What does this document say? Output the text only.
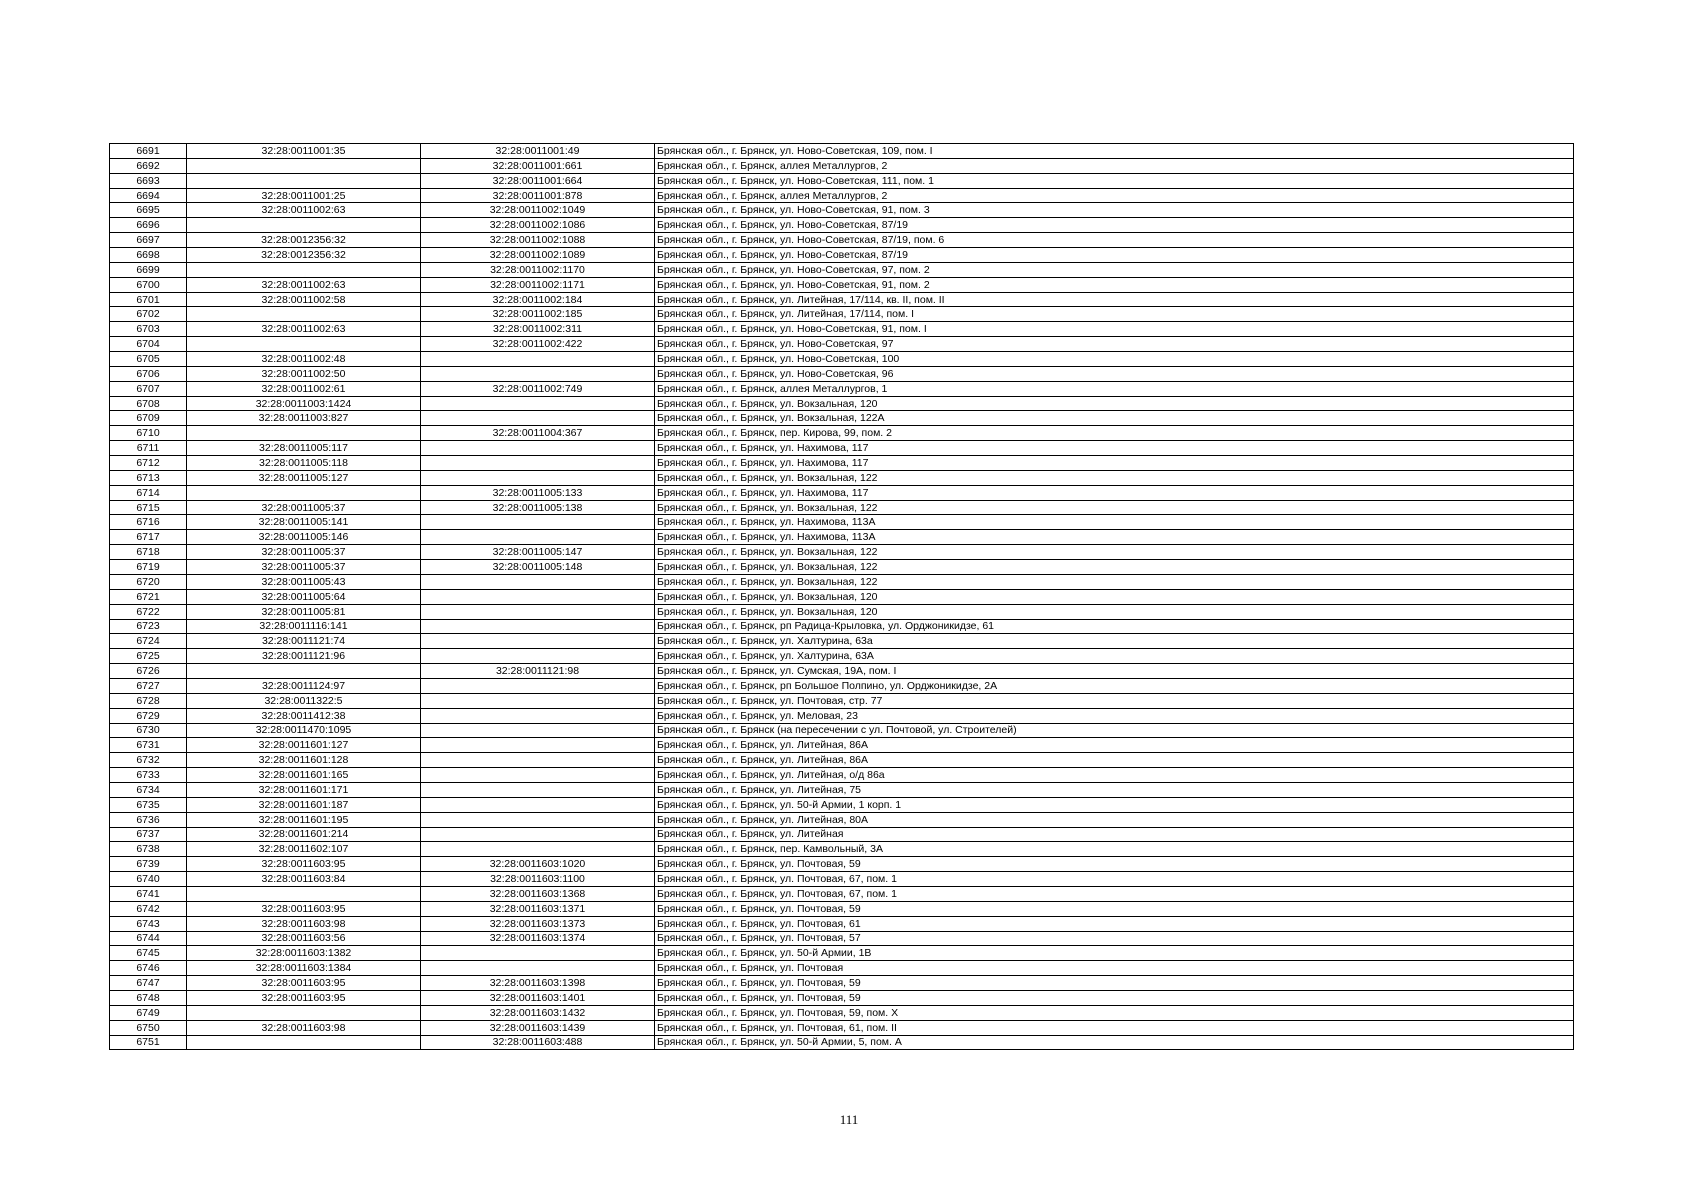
6691	32:28:0011001:35	32:28:0011001:49	Брянская обл., г. Брянск, ул. Ново-Советская, 109, пом. I
6692		32:28:0011001:661	Брянская обл., г. Брянск, аллея Металлургов, 2
6693		32:28:0011001:664	Брянская обл., г. Брянск, ул. Ново-Советская, 111, пом. 1
6694	32:28:0011001:25	32:28:0011001:878	Брянская обл., г. Брянск, аллея Металлургов, 2
6695	32:28:0011002:63	32:28:0011002:1049	Брянская обл., г. Брянск, ул. Ново-Советская, 91, пом. 3
6696		32:28:0011002:1086	Брянская обл., г. Брянск, ул. Ново-Советская, 87/19
6697	32:28:0012356:32	32:28:0011002:1088	Брянская обл., г. Брянск, ул. Ново-Советская, 87/19, пом. 6
6698	32:28:0012356:32	32:28:0011002:1089	Брянская обл., г. Брянск, ул. Ново-Советская, 87/19
6699		32:28:0011002:1170	Брянская обл., г. Брянск, ул. Ново-Советская, 97, пом. 2
6700	32:28:0011002:63	32:28:0011002:1171	Брянская обл., г. Брянск, ул. Ново-Советская, 91, пом. 2
6701	32:28:0011002:58	32:28:0011002:184	Брянская обл., г. Брянск, ул. Литейная, 17/114, кв. II, пом. II
6702		32:28:0011002:185	Брянская обл., г. Брянск, ул. Литейная, 17/114, пом. I
6703	32:28:0011002:63	32:28:0011002:311	Брянская обл., г. Брянск, ул. Ново-Советская, 91, пом. I
6704		32:28:0011002:422	Брянская обл., г. Брянск, ул. Ново-Советская, 97
6705	32:28:0011002:48		Брянская обл., г. Брянск, ул. Ново-Советская, 100
6706	32:28:0011002:50		Брянская обл., г. Брянск, ул. Ново-Советская, 96
6707	32:28:0011002:61	32:28:0011002:749	Брянская обл., г. Брянск, аллея Металлургов, 1
6708	32:28:0011003:1424		Брянская обл., г. Брянск, ул. Вокзальная, 120
6709	32:28:0011003:827		Брянская обл., г. Брянск, ул. Вокзальная, 122А
6710		32:28:0011004:367	Брянская обл., г. Брянск, пер. Кирова, 99, пом. 2
6711	32:28:0011005:117		Брянская обл., г. Брянск, ул. Нахимова, 117
6712	32:28:0011005:118		Брянская обл., г. Брянск, ул. Нахимова, 117
6713	32:28:0011005:127		Брянская обл., г. Брянск, ул. Вокзальная, 122
6714		32:28:0011005:133	Брянская обл., г. Брянск, ул. Нахимова, 117
6715	32:28:0011005:37	32:28:0011005:138	Брянская обл., г. Брянск, ул. Вокзальная, 122
6716	32:28:0011005:141		Брянская обл., г. Брянск, ул. Нахимова, 113А
6717	32:28:0011005:146		Брянская обл., г. Брянск, ул. Нахимова, 113А
6718	32:28:0011005:37	32:28:0011005:147	Брянская обл., г. Брянск, ул. Вокзальная, 122
6719	32:28:0011005:37	32:28:0011005:148	Брянская обл., г. Брянск, ул. Вокзальная, 122
6720	32:28:0011005:43		Брянская обл., г. Брянск, ул. Вокзальная, 122
6721	32:28:0011005:64		Брянская обл., г. Брянск, ул. Вокзальная, 120
6722	32:28:0011005:81		Брянская обл., г. Брянск, ул. Вокзальная, 120
6723	32:28:0011116:141		Брянская обл., г. Брянск, рп Радица-Крыловка, ул. Орджоникидзе, 61
6724	32:28:0011121:74		Брянская обл., г. Брянск, ул. Халтурина, 63а
6725	32:28:0011121:96		Брянская обл., г. Брянск, ул. Халтурина, 63А
6726		32:28:0011121:98	Брянская обл., г. Брянск, ул. Сумская, 19А, пом. I
6727	32:28:0011124:97		Брянская обл., г. Брянск, рп Большое Полпино, ул. Орджоникидзе, 2А
6728	32:28:0011322:5		Брянская обл., г. Брянск, ул. Почтовая, стр. 77
6729	32:28:0011412:38		Брянская обл., г. Брянск, ул. Меловая, 23
6730	32:28:0011470:1095		Брянская обл., г. Брянск (на пересечении с ул. Почтовой, ул. Строителей)
6731	32:28:0011601:127		Брянская обл., г. Брянск, ул. Литейная, 86А
6732	32:28:0011601:128		Брянская обл., г. Брянск, ул. Литейная, 86А
6733	32:28:0011601:165		Брянская обл., г. Брянск, ул. Литейная, о/д 86а
6734	32:28:0011601:171		Брянская обл., г. Брянск, ул. Литейная, 75
6735	32:28:0011601:187		Брянская обл., г. Брянск, ул. 50-й Армии, 1 корп. 1
6736	32:28:0011601:195		Брянская обл., г. Брянск, ул. Литейная, 80А
6737	32:28:0011601:214		Брянская обл., г. Брянск, ул. Литейная
6738	32:28:0011602:107		Брянская обл., г. Брянск, пер. Камвольный, 3А
6739	32:28:0011603:95	32:28:0011603:1020	Брянская обл., г. Брянск, ул. Почтовая, 59
6740	32:28:0011603:84	32:28:0011603:1100	Брянская обл., г. Брянск, ул. Почтовая, 67, пом. 1
6741		32:28:0011603:1368	Брянская обл., г. Брянск, ул. Почтовая, 67, пом. 1
6742	32:28:0011603:95	32:28:0011603:1371	Брянская обл., г. Брянск, ул. Почтовая, 59
6743	32:28:0011603:98	32:28:0011603:1373	Брянская обл., г. Брянск, ул. Почтовая, 61
6744	32:28:0011603:56	32:28:0011603:1374	Брянская обл., г. Брянск, ул. Почтовая, 57
6745	32:28:0011603:1382		Брянская обл., г. Брянск, ул. 50-й Армии, 1В
6746	32:28:0011603:1384		Брянская обл., г. Брянск, ул. Почтовая
6747	32:28:0011603:95	32:28:0011603:1398	Брянская обл., г. Брянск, ул. Почтовая, 59
6748	32:28:0011603:95	32:28:0011603:1401	Брянская обл., г. Брянск, ул. Почтовая, 59
6749		32:28:0011603:1432	Брянская обл., г. Брянск, ул. Почтовая, 59, пом. X
6750	32:28:0011603:98	32:28:0011603:1439	Брянская обл., г. Брянск, ул. Почтовая, 61, пом. II
6751		32:28:0011603:488	Брянская обл., г. Брянск, ул. 50-й Армии, 5, пом. А
111
